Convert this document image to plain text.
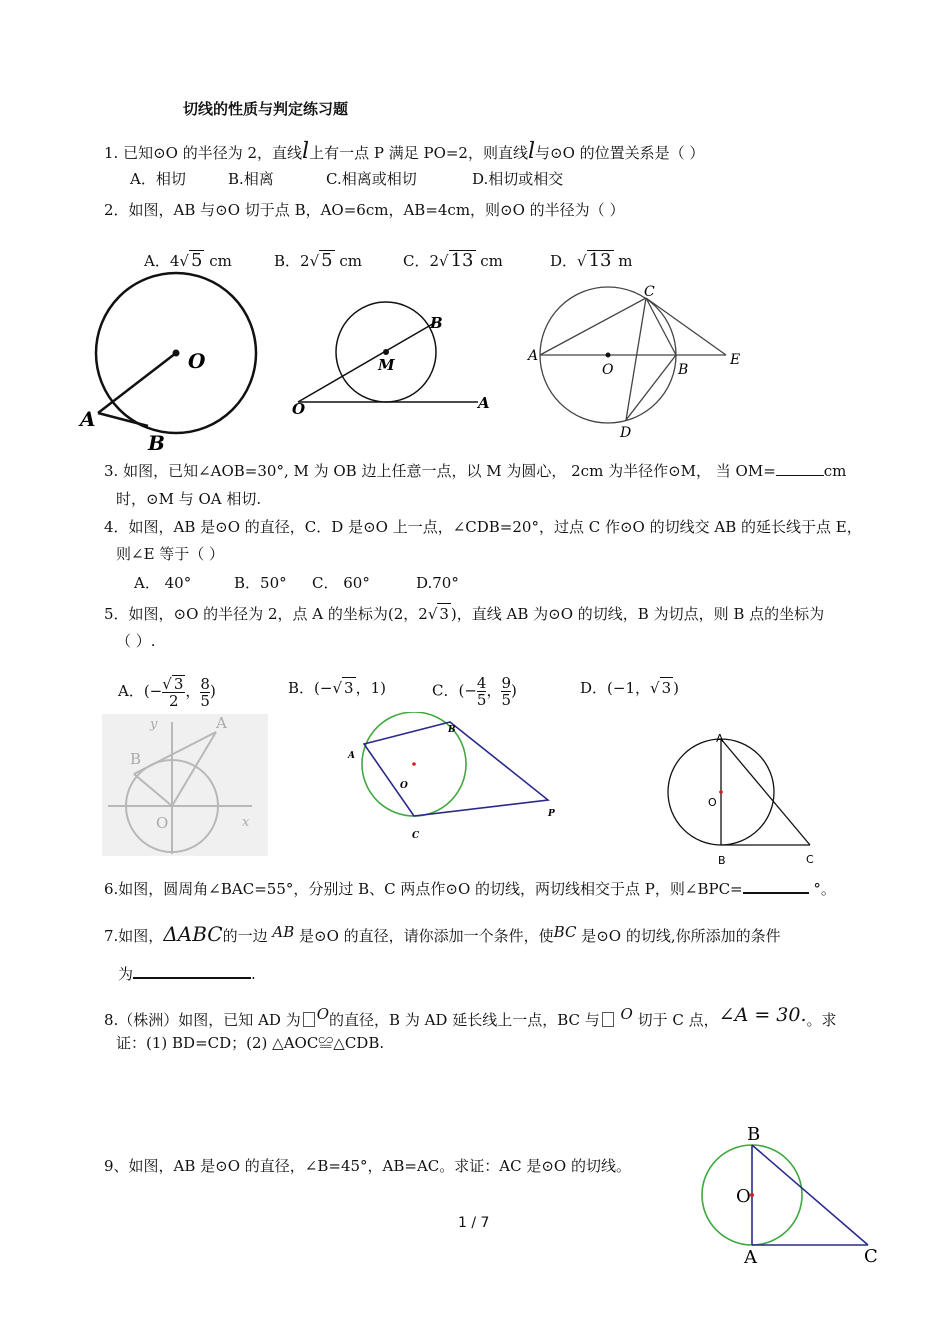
切线的性质与判定练习题
1. 已知⊙O 的半径为 2，直线l上有一点 P 满足 PO=2，则直线l与⊙O 的位置关系是（ ）
A．相切	B.相离	C.相离或相切	D.相切或相交
2．如图，AB 与⊙O 切于点 B，AO=6cm，AB=4cm，则⊙O 的半径为（ ）
A．4√ 5 cm	B．2√ 5 cm	C．2√ 13 cm	D．√ 13 m
O
A
B
B
M
O	A
C
A
O	B
E
D
3. 如图，已知∠AOB=30°, M 为 OB 边上任意一点，以 M 为圆心， 2cm 为半径作⊙M， 当 OM=	cm
时，⊙M 与 OA 相切.
4．如图，AB 是⊙O 的直径，C．D 是⊙O 上一点，∠CDB=20°，过点 C 作⊙O 的切线交 AB 的延长线于点 E，
则∠E 等于（ ）
A． 40°	B．50° C． 60°	D.70°
5．如图，⊙O 的半径为 2，点 A 的坐标为(2，2√ 3 )，直线 AB 为⊙O 的切线，B 为切点，则 B 点的坐标为
（ ）.
A．(− $\frac{√ 3}{2}$ ， $\frac{8}{5}$ )	B．(−√ 3 ，1)	C．(− $\frac{4}{5}$ ， $\frac{9}{5}$ )	D．(−1，√ 3 )
y	A
B
O	x
A
B
O
C
P
A
O
B	C
6.如图，圆周角∠BAC=55°，分别过 B、C 两点作⊙O 的切线，两切线相交于点 P，则∠BPC=	°。
7.如图，ΔABC的一边 AB 是⊙O 的直径，请你添加一个条件，使BC 是⊙O 的切线,你所添加的条件
为	.
8.（株洲）如图，已知 AD 为 O的直径，B 为 AD 延长线上一点，BC 与 O 切于 C 点，∠A = 30.。求
证：(1) BD=CD；(2) △AOC≌△CDB.
9、如图，AB 是⊙O 的直径，∠B=45°，AB=AC。求证：AC 是⊙O 的切线。
B
O
A	C
1 / 7
